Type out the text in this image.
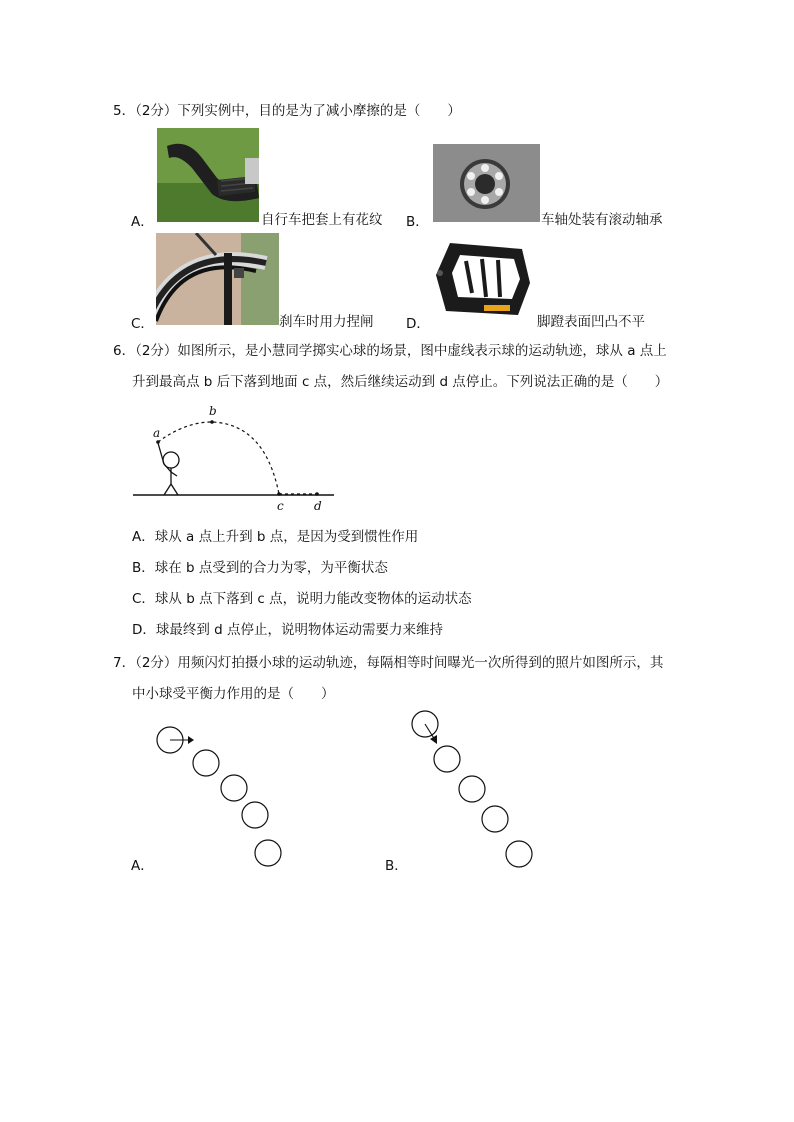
5．（2分）下列实例中，目的是为了减小摩擦的是（　　）
A．	自行车把套上有花纹 B．	车轴处装有滚动轴承
C．	刹车时用力捏闸 D．	脚蹬表面凹凸不平
6．（2分）如图所示，是小慧同学掷实心球的场景，图中虚线表示球的运动轨迹，球从 a 点上
升到最高点 b 后下落到地面 c 点，然后继续运动到 d 点停止。下列说法正确的是（　　）
a
b
c	d
A．球从 a 点上升到 b 点，是因为受到惯性作用
B．球在 b 点受到的合力为零，为平衡状态
C．球从 b 点下落到 c 点，说明力能改变物体的运动状态
D．球最终到 d 点停止，说明物体运动需要力来维持
7．（2分）用频闪灯拍摄小球的运动轨迹，每隔相等时间曝光一次所得到的照片如图所示，其
中小球受平衡力作用的是（　　）
A．	B．
